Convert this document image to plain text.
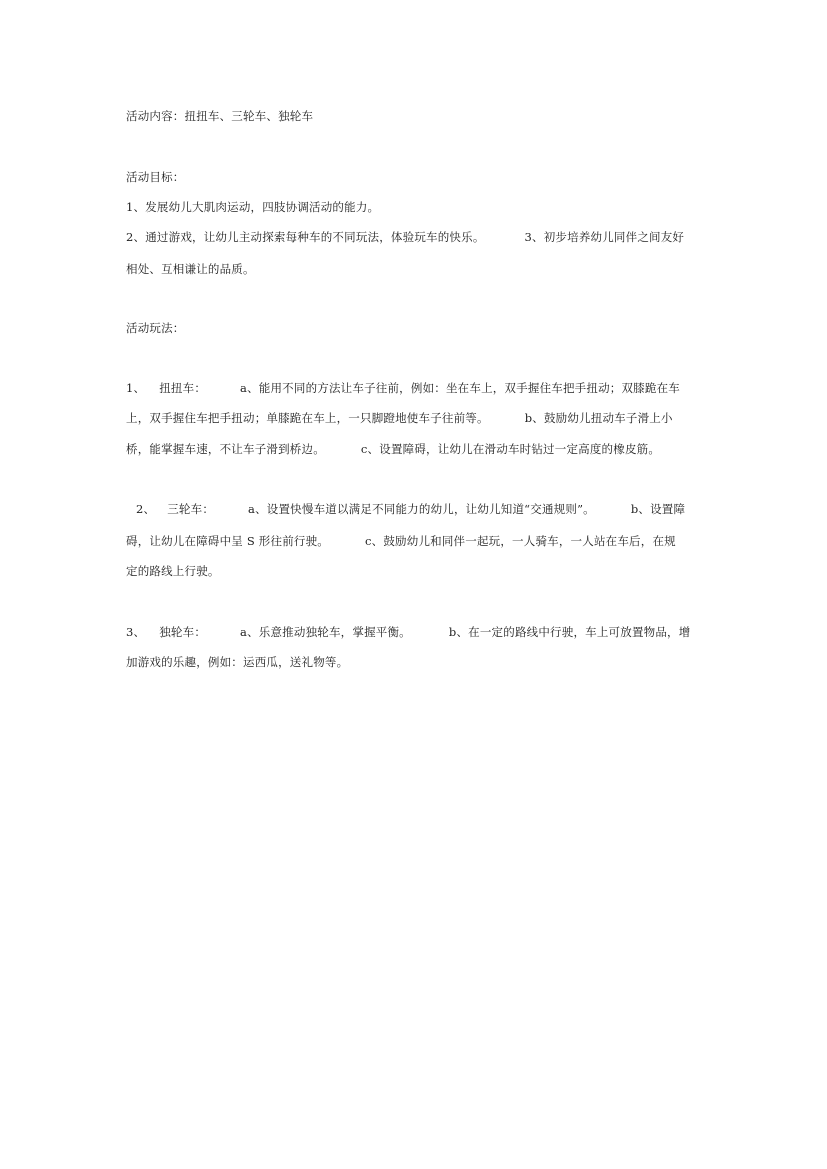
活动内容：扭扭车、三轮车、独轮车
活动目标：
1、发展幼儿大肌肉运动，四肢协调活动的能力。
2、通过游戏，让幼儿主动探索每种车的不同玩法，体验玩车的快乐。	3、初步培养幼儿同伴之间友好
相处、互相谦让的品质。
活动玩法：
1、 扭扭车：	a、能用不同的方法让车子往前，例如：坐在车上，双手握住车把手扭动；双膝跪在车
上，双手握住车把手扭动；单膝跪在车上，一只脚蹬地使车子往前等。	b、鼓励幼儿扭动车子滑上小
桥，能掌握车速，不让车子滑到桥边。	c、设置障碍，让幼儿在滑动车时钻过一定高度的橡皮筋。
2、 三轮车：	a、设置快慢车道以满足不同能力的幼儿，让幼儿知道“交通规则”。	b、设置障
碍，让幼儿在障碍中呈 S 形往前行驶。	c、鼓励幼儿和同伴一起玩，一人骑车，一人站在车后，在规
定的路线上行驶。
3、 独轮车：	a、乐意推动独轮车，掌握平衡。	b、在一定的路线中行驶，车上可放置物品，增
加游戏的乐趣，例如：运西瓜，送礼物等。
